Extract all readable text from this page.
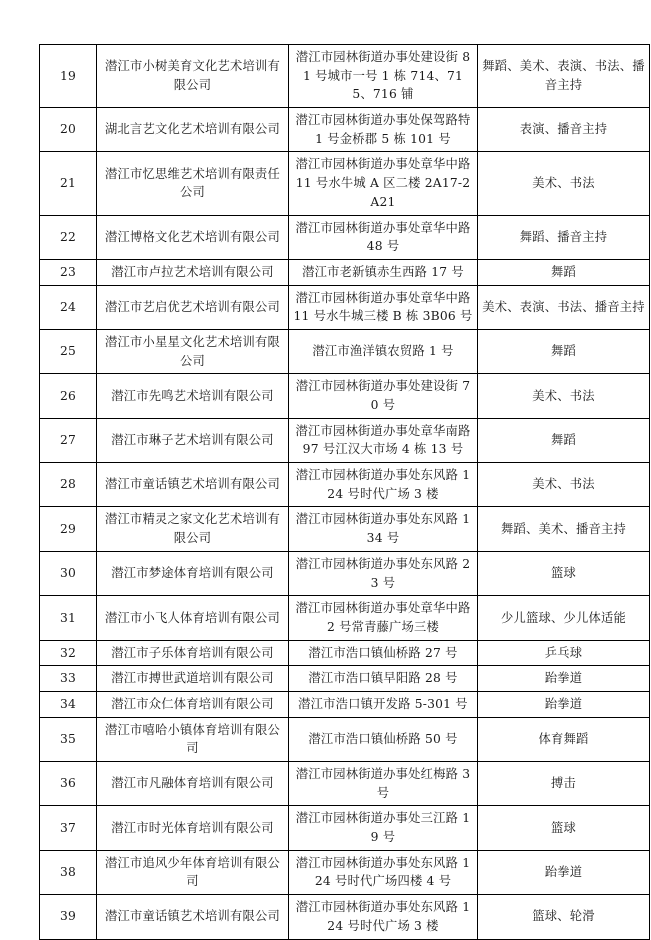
19	潜江市小树美育文化艺术培训有限公司	潜江市园林街道办事处建设街 81 号城市一号 1 栋 714、715、716 铺	舞蹈、美术、表演、书法、播音主持
20	湖北言艺文化艺术培训有限公司	潜江市园林街道办事处保驾路特 1 号金桥郡 5 栋 101 号	表演、播音主持
21	潜江市忆思维艺术培训有限责任公司	潜江市园林街道办事处章华中路 11 号水牛城 A 区二楼 2A17-2A21	美术、书法
22	潜江博格文化艺术培训有限公司	潜江市园林街道办事处章华中路 48 号	舞蹈、播音主持
23	潜江市卢拉艺术培训有限公司	潜江市老新镇赤生西路 17 号	舞蹈
24	潜江市艺启优艺术培训有限公司	潜江市园林街道办事处章华中路 11 号水牛城三楼 B 栋 3B06 号	美术、表演、书法、播音主持
25	潜江市小星星文化艺术培训有限公司	潜江市渔洋镇农贸路 1 号	舞蹈
26	潜江市先鸣艺术培训有限公司	潜江市园林街道办事处建设街 70 号	美术、书法
27	潜江市琳子艺术培训有限公司	潜江市园林街道办事处章华南路 97 号江汉大市场 4 栋 13 号	舞蹈
28	潜江市童话镇艺术培训有限公司	潜江市园林街道办事处东风路 124 号时代广场 3 楼	美术、书法
29	潜江市精灵之家文化艺术培训有限公司	潜江市园林街道办事处东风路 134 号	舞蹈、美术、播音主持
30	潜江市梦途体育培训有限公司	潜江市园林街道办事处东风路 23 号	篮球
31	潜江市小飞人体育培训有限公司	潜江市园林街道办事处章华中路 2 号常青藤广场三楼	少儿篮球、少儿体适能
32	潜江市子乐体育培训有限公司	潜江市浩口镇仙桥路 27 号	乒乓球
33	潜江市搏世武道培训有限公司	潜江市浩口镇早阳路 28 号	跆拳道
34	潜江市众仁体育培训有限公司	潜江市浩口镇开发路 5-301 号	跆拳道
35	潜江市嘻哈小镇体育培训有限公司	潜江市浩口镇仙桥路 50 号	体育舞蹈
36	潜江市凡融体育培训有限公司	潜江市园林街道办事处红梅路 3 号	搏击
37	潜江市时光体育培训有限公司	潜江市园林街道办事处三江路 19 号	篮球
38	潜江市追风少年体育培训有限公司	潜江市园林街道办事处东风路 124 号时代广场四楼 4 号	跆拳道
39	潜江市童话镇艺术培训有限公司	潜江市园林街道办事处东风路 124 号时代广场 3 楼	篮球、轮滑
